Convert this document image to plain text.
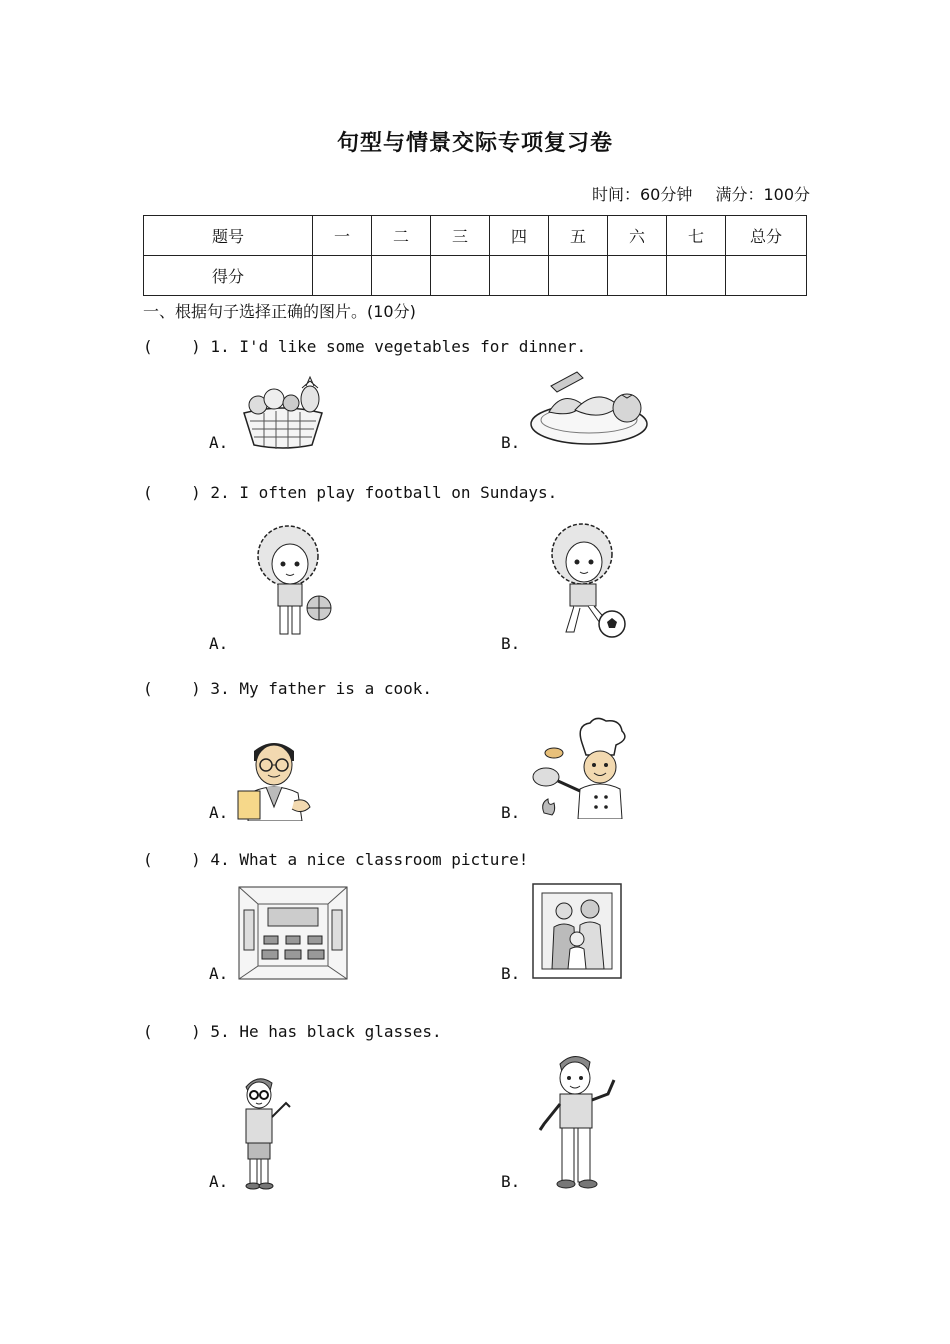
句型与情景交际专项复习卷
时间：60分钟 满分：100分
题号	一	二	三	四	五	六	七	总分
得分								
一、根据句子选择正确的图片。(10分)
(    ) 1. I'd like some vegetables for dinner.
A.	B.
(    ) 2. I often play football on Sundays.
A.	B.
(    ) 3. My father is a cook.
A.	B.
(    ) 4. What a nice classroom picture!
A.	B.
(    ) 5. He has black glasses.
A.	B.
